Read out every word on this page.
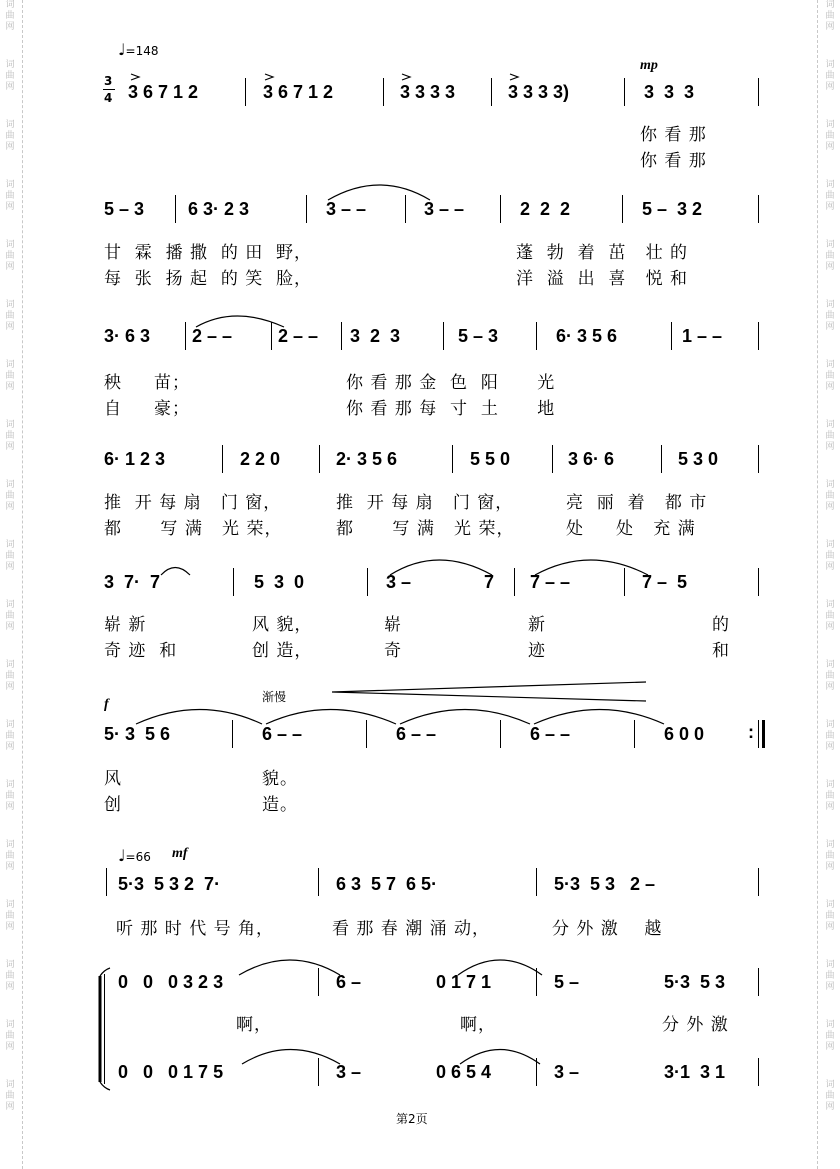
词
曲
网
词
曲
网
词
曲
网
词
曲
网
词
曲
网
词
曲
网
词
曲
网
词
曲
网
词
曲
网
词
曲
网
词
曲
网
词
曲
网
词
曲
网
词
曲
网
词
曲
网
词
曲
网
词
曲
网
词
曲
网
词
曲
网
词
曲
网
词
曲
网
词
曲
网
词
曲
网
词
曲
网
词
曲
网
词
曲
网
词
曲
网
词
曲
网
词
曲
网
词
曲
网
词
曲
网
词
曲
网
词
曲
网
词
曲
网
词
曲
网
词
曲
网
词
曲
网
词
曲
网
♩=148
3
4
mp
3 6 7 1 2	3 6 7 1 2	3 3 3 3	3 3 3 3)	3  3  3
你 看 那
你 看 那
5 – 3 6 3· 2 3	3 – –	3 – –	2  2  2	5 –  3 2
甘  霖  播 撒  的 田  野，	蓬  勃  着  茁   壮 的
每  张  扬 起  的 笑  脸，	洋  溢  出  喜   悦 和
3· 6 3 2 – –	2 – – 3  2  3	5 – 3	6· 3 5 6	1 – –
秧     苗；	你 看 那 金  色  阳      光
自     豪；	你 看 那 每  寸  土      地
6· 1 2 3	2 2 0	2· 3 5 6	5 5 0	3 6· 6	5 3 0
推  开 每 扇   门 窗，	推  开 每 扇   门 窗，	亮  丽  着   都 市
都      写 满   光 荣，	都      写 满   光 荣，	处     处   充 满
3  7·  7	5  3  0	3 –	7 7 – –	7 –  5
崭 新	风 貌，	崭	新	的
奇 迹  和	创 造，	奇	迹	和
f	渐慢
5· 3  5 6	6 – –	6 – –	6 – –	6 0 0 :
风	貌。
创	造。
♩=66 mf
5·3  5 3 2  7·	6 3  5 7  6 5·	5·3  5 3   2 –
听 那 时 代 号 角，	看 那 春 潮 涌 动，	分 外 激    越
0   0   0 3 2 3	6 –	0 1 7 1	5 –	5·3  5 3
啊，	啊，	分 外 激
0   0   0 1 7 5	3 –	0 6 5 4	3 –	3·1  3 1
第2页
